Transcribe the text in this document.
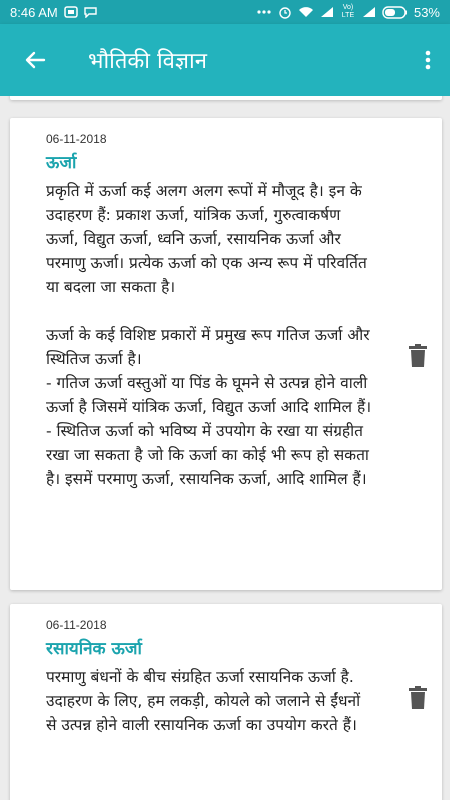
8:46 AM	Vo) LTE	53%
भौतिकी विज्ञान
06-11-2018
ऊर्जा
प्रकृति में ऊर्जा कई अलग अलग रूपों में मौजूद है। इन के उदाहरण हैं: प्रकाश ऊर्जा, यांत्रिक ऊर्जा, गुरुत्वाकर्षण ऊर्जा, विद्युत ऊर्जा, ध्वनि ऊर्जा, रसायनिक ऊर्जा और परमाणु ऊर्जा। प्रत्येक ऊर्जा को एक अन्य रूप में परिवर्तित या बदला जा सकता है।

ऊर्जा के कई विशिष्ट प्रकारों में प्रमुख रूप गतिज ऊर्जा और स्थितिज ऊर्जा है।
- गतिज ऊर्जा वस्तुओं या पिंड के घूमने से उत्पन्न होने वाली ऊर्जा है जिसमें यांत्रिक ऊर्जा, विद्युत ऊर्जा आदि शामिल हैं।
- स्थितिज ऊर्जा को भविष्य में उपयोग के रखा या संग्रहीत रखा जा सकता है जो कि ऊर्जा का कोई भी रूप हो सकता है। इसमें परमाणु ऊर्जा, रसायनिक ऊर्जा, आदि शामिल हैं।
06-11-2018
रसायनिक ऊर्जा
परमाणु बंधनों के बीच संग्रहित ऊर्जा रसायनिक ऊर्जा है. उदाहरण के लिए, हम लकड़ी, कोयले को जलाने से ईंधनों से उत्पन्न होने वाली रसायनिक ऊर्जा का उपयोग करते हैं।
